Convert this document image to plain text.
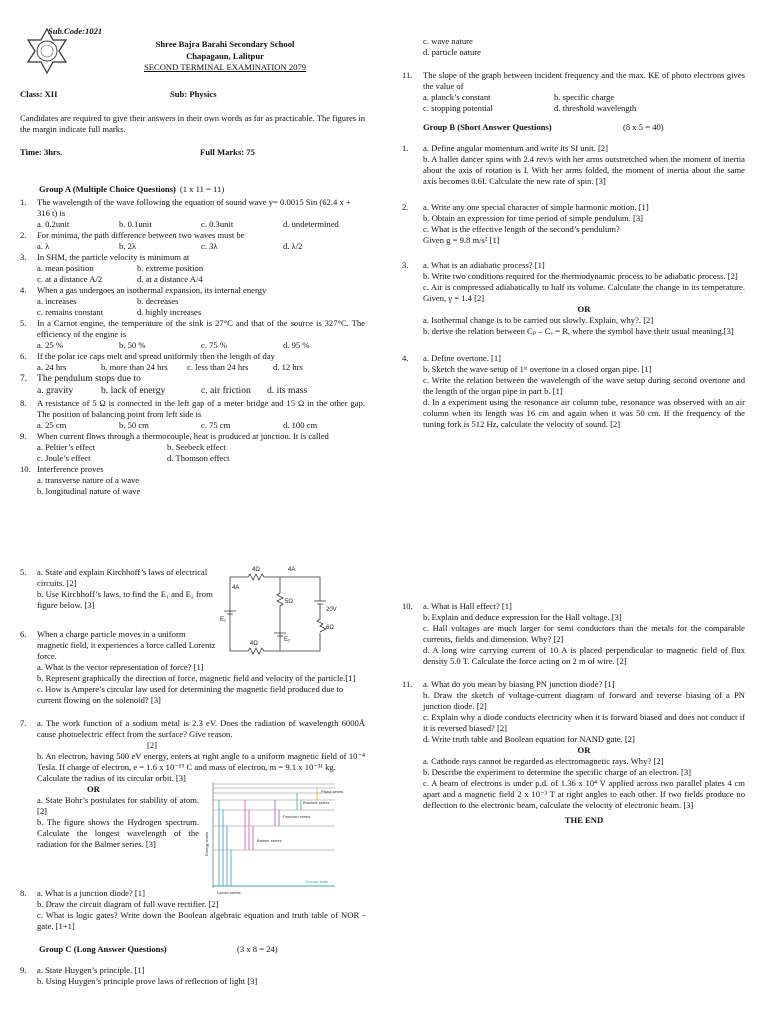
Sub.Code:1021

Shree Bajra Barahi Secondary School

Chapagaun, Lalitpur

SECOND TERMINAL EXAMINATION 2079

Class: XII	Sub: Physics

Candidates are required to give their answers in their own words as far as practicable. The figures in the margin indicate full marks.

Time: 3hrs.	Full Marks: 75
Group A (Multiple Choice Questions) (1 x 11 = 11)
1.	The wavelength of the wave following the equation of sound wave y= 0.0015 Sin (62.4 x + 316 t) is

a. 0.2unit	b. 0.1unit	c. 0.3unit	d. undetermined
2.	For minima, the path difference between two waves must be

a. λ	b. 2λ	c. 3λ	d. λ/2
3.	In SHM, the particle velocity is minimum at

a. mean position	b. extreme position
c. at a distance A/2	d. at a distance A/4
4.	When a gas undergoes an isothermal expansion, its internal energy

a. increases	b. decreases
c. remains constant	d. highly increases
5.	In a Carnot engine, the temperature of the sink is 27°C and that of the source is 327°C. The efficiency of the engine is

a. 25 %	b. 50 %	c. 75 %	d. 95 %
6.	If the polar ice caps melt and spread uniformly then the length of day

a. 24 hrs	b. more than 24 hrs	c. less than 24 hrs	d. 12 hrs
7.	The pendulum stops due to

a. gravity	b. lack of energy	c. air friction	d. its mass
8.	A resistance of 5 Ω is connected in the left gap of a meter bridge and 15 Ω in the other gap. The position of balancing point from left side is

a. 25 cm	b. 50 cm	c. 75 cm	d. 100 cm
9.	When current flows through a thermocouple, heat is produced at junction. It is called

a. Peltier’s effect	b. Seebeck effect
c. Joule’s effect	d. Thomson effect
10. Interference proves

a. transverse nature of a wave

b. longitudinal nature of wave

5.	a. State and explain Kirchhoff’s laws of electrical circuits. [2]

b. Use Kirchhoff’s laws, to find the E₁ and E₂ from figure below. [3]

4Ω	4A
4A
5Ω
20V
E₁
E₂
6Ω
4Ω
6.	When a charge particle moves in a uniform magnetic field, it experiences a force called Lorentz force.

a. What is the vector representation of force? [1]

b. Represent graphically the direction of force, magnetic field and velocity of the particle.[1]

c. How is Ampere’s circular law used for determining the magnetic field produced due to current flowing on the solenoid? [3]

7.	a. The work function of a sodium metal is 2.3 eV. Does the radiation of wavelength 6000Å cause photoelectric effect from the surface? Give reason.

[2]

b. An electron, having 500 eV energy, enters at right angle to a uniform magnetic field of 10⁻⁴ Tesla. If charge of electron, e = 1.6 x 10⁻¹⁹ C and mass of electron, m = 9.1 x 10⁻³¹ kg.

Calculate the radius of its circular orbit. [3]

OR

a. State Bohr’s postulates for stability of atom. [2]

b. The figure shows the Hydrogen spectrum. Calculate the longest wavelength of the radiation for the Balmer series. [3]

Pfund series
Brackett series
Paschen series
Balmer series
Lyman series
Ground state
Energy levels
8.	a. What is a junction diode? [1]

b. Draw the circuit diagram of full wave rectifier. [2]

c. What is logic gates? Write down the Boolean algebraic equation and truth table of NOR -gate. [1+1]

Group C (Long Answer Questions)	(3 x 8 = 24)
9.	a. State Huygen’s principle. [1]

b. Using Huygen’s principle prove laws of reflection of light [3]

c. wave nature

d. particle nature

11.	The slope of the graph between incident frequency and the max. KE of photo electrons gives the value of

a. planck’s constant	b. specific charge
c. stopping potential	d. threshold wavelength
Group B (Short Answer Questions)	(8 x 5 = 40)
1.	a. Define angular momentum and write its SI unit. [2]

b. A ballet dancer spins with 2.4 rev/s with her arms outstretched when the moment of inertia about the axis of rotation is I. With her arms folded, the moment of inertia about the same axis becomes 0.6I. Calculate the new rate of spin. [3]

2.	a. Write any one special character of simple harmonic motion. [1]

b. Obtain an expression for time period of simple pendulum. [3]

c. What is the effective length of the second’s pendulum?

Given g = 9.8 m/s² [1]

3.	a. What is an adiabatic process? [1]

b. Write two conditions required for the thermodynamic process to be adiabatic process. [2]

c. Air is compressed adiabatically to half its volume. Calculate the change in its temperature. Given, γ = 1.4 [2]

OR

a. Isothermal change is to be carried out slowly. Explain, why?. [2]

b. derive the relation between Cₚ – Cᵥ = R, where the symbol have their usual meaning.[3]

4.	a. Define overtone. [1]

b. Sketch the wave setup of 1ˢᵗ overtone in a closed organ pipe. [1]

c. Write the relation between the wavelength of the wave setup during second overtone and the length of the organ pipe in part b. [1]

d. In a experiment using the resonance air column tube, resonance was observed with an air column when its length was 16 cm and again when it was 50 cm. If the frequency of the tuning fork is 512 Hz, calculate the velocity of sound. [2]

10.	a. What is Hall effect? [1]

b. Explain and deduce expression for the Hall voltage. [3]

c. Hall voltages are much larger for semi conductors than the metals for the comparable currents, fields and dimension. Why? [2]

d. A long wire carrying current of 10 A is placed perpendicular to magnetic field of flux density 5.0 T. Calculate the force acting on 2 m of wire. [2]

11.	a. What do you mean by biasing PN junction diode? [1]

b. Draw the sketch of voltage-current diagram of forward and reverse biasing of a PN junction diode. [2]

c. Explain why a diode conducts electricity when it is forward biased and does not conduct if it is reversed biased? [2]

d. Write truth table and Boolean equation for NAND gate. [2]

OR

a. Cathode rays cannot be regarded as electromagnetic rays. Why? [2]

b. Describe the experiment to determine the specific charge of an electron. [3]

c. A beam of electrons is under p.d. of 1.36 x 10⁴ V applied across two parallel plates 4 cm apart and a magnetic field 2 x 10⁻³ T at right angles to each other. If two fields produce no deflection to the electronic beam, calculate the velocity of electronic beam. [3]

THE END
